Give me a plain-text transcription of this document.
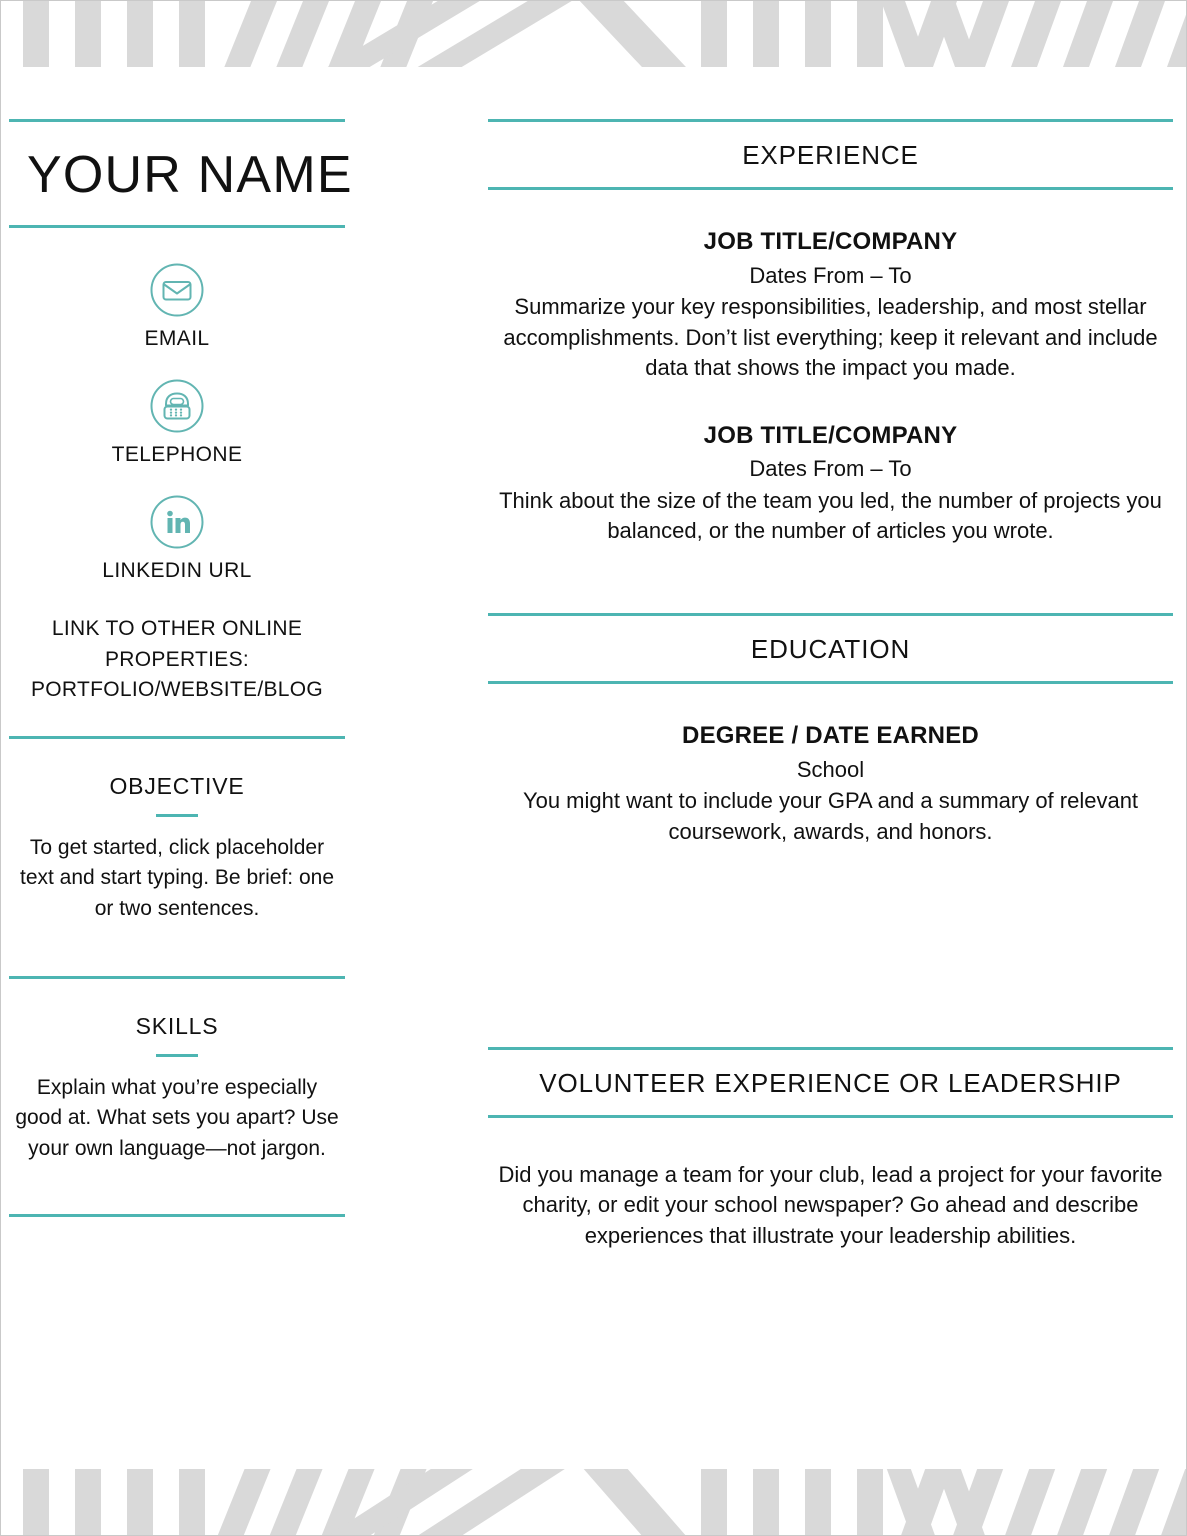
YOUR NAME
EMAIL
TELEPHONE
LINKEDIN URL
LINK TO OTHER ONLINE PROPERTIES: PORTFOLIO/WEBSITE/BLOG
OBJECTIVE
To get started, click placeholder text and start typing. Be brief: one or two sentences.
SKILLS
Explain what you’re especially good at. What sets you apart? Use your own language—not jargon.
EXPERIENCE
JOB TITLE/COMPANY
Dates From – To
Summarize your key responsibilities, leadership, and most stellar accomplishments. Don’t list everything; keep it relevant and include data that shows the impact you made.
JOB TITLE/COMPANY
Dates From – To
Think about the size of the team you led, the number of projects you balanced, or the number of articles you wrote.
EDUCATION
DEGREE / DATE EARNED
School
You might want to include your GPA and a summary of relevant coursework, awards, and honors.
VOLUNTEER EXPERIENCE OR LEADERSHIP
Did you manage a team for your club, lead a project for your favorite charity, or edit your school newspaper? Go ahead and describe experiences that illustrate your leadership abilities.
